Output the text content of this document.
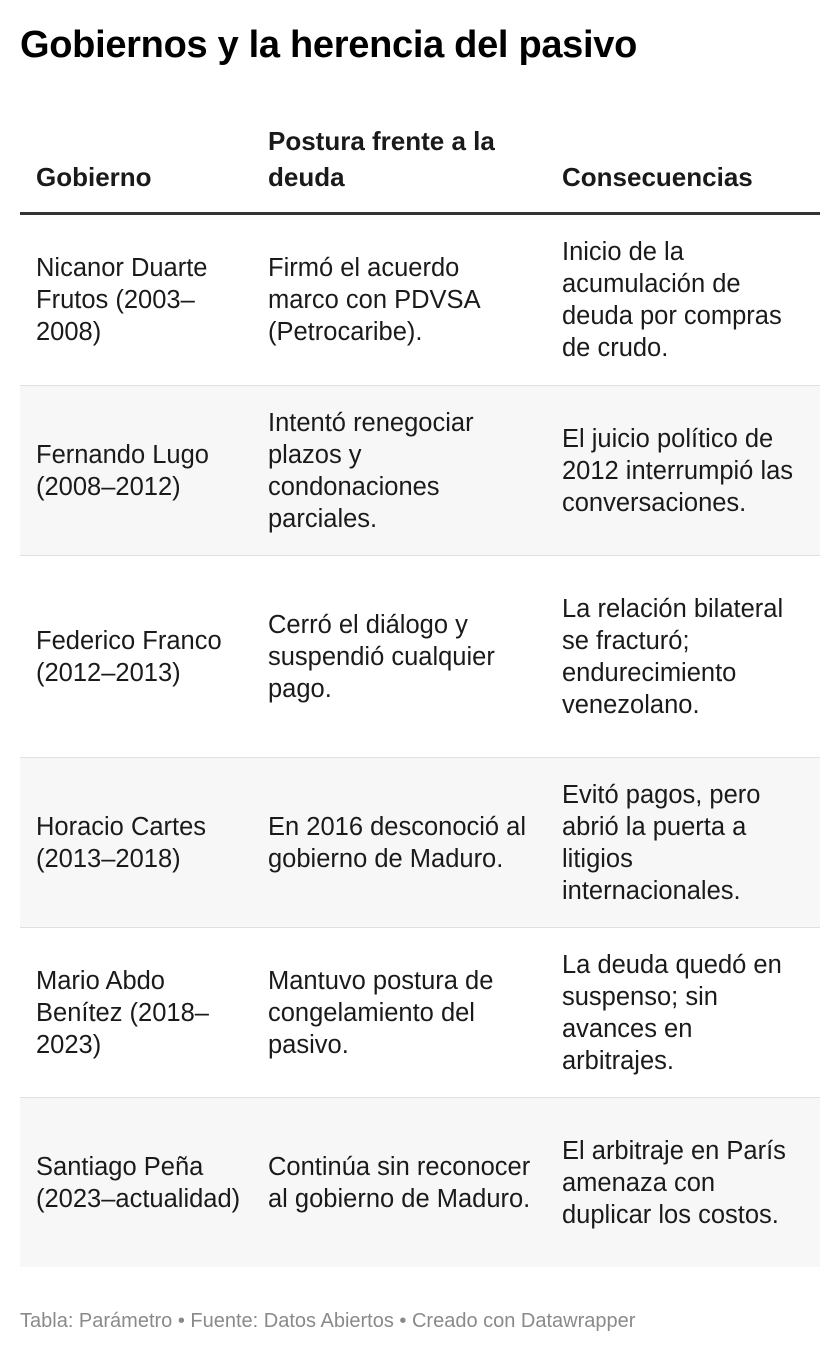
Gobiernos y la herencia del pasivo
Gobierno	Postura frente a la deuda	Consecuencias
Nicanor Duarte Frutos (2003–2008)	Firmó el acuerdo marco con PDVSA (Petrocaribe).	Inicio de la acumulación de deuda por compras de crudo.
Fernando Lugo (2008–2012)	Intentó renegociar plazos y condonaciones parciales.	El juicio político de 2012 interrumpió las conversaciones.
Federico Franco (2012–2013)	Cerró el diálogo y suspendió cualquier pago.	La relación bilateral se fracturó; endurecimiento venezolano.
Horacio Cartes (2013–2018)	En 2016 desconoció al gobierno de Maduro.	Evitó pagos, pero abrió la puerta a litigios internacionales.
Mario Abdo Benítez (2018–2023)	Mantuvo postura de congelamiento del pasivo.	La deuda quedó en suspenso; sin avances en arbitrajes.
Santiago Peña (2023–actualidad)	Continúa sin reconocer al gobierno de Maduro.	El arbitraje en París amenaza con duplicar los costos.
Tabla: Parámetro • Fuente: Datos Abiertos • Creado con Datawrapper
